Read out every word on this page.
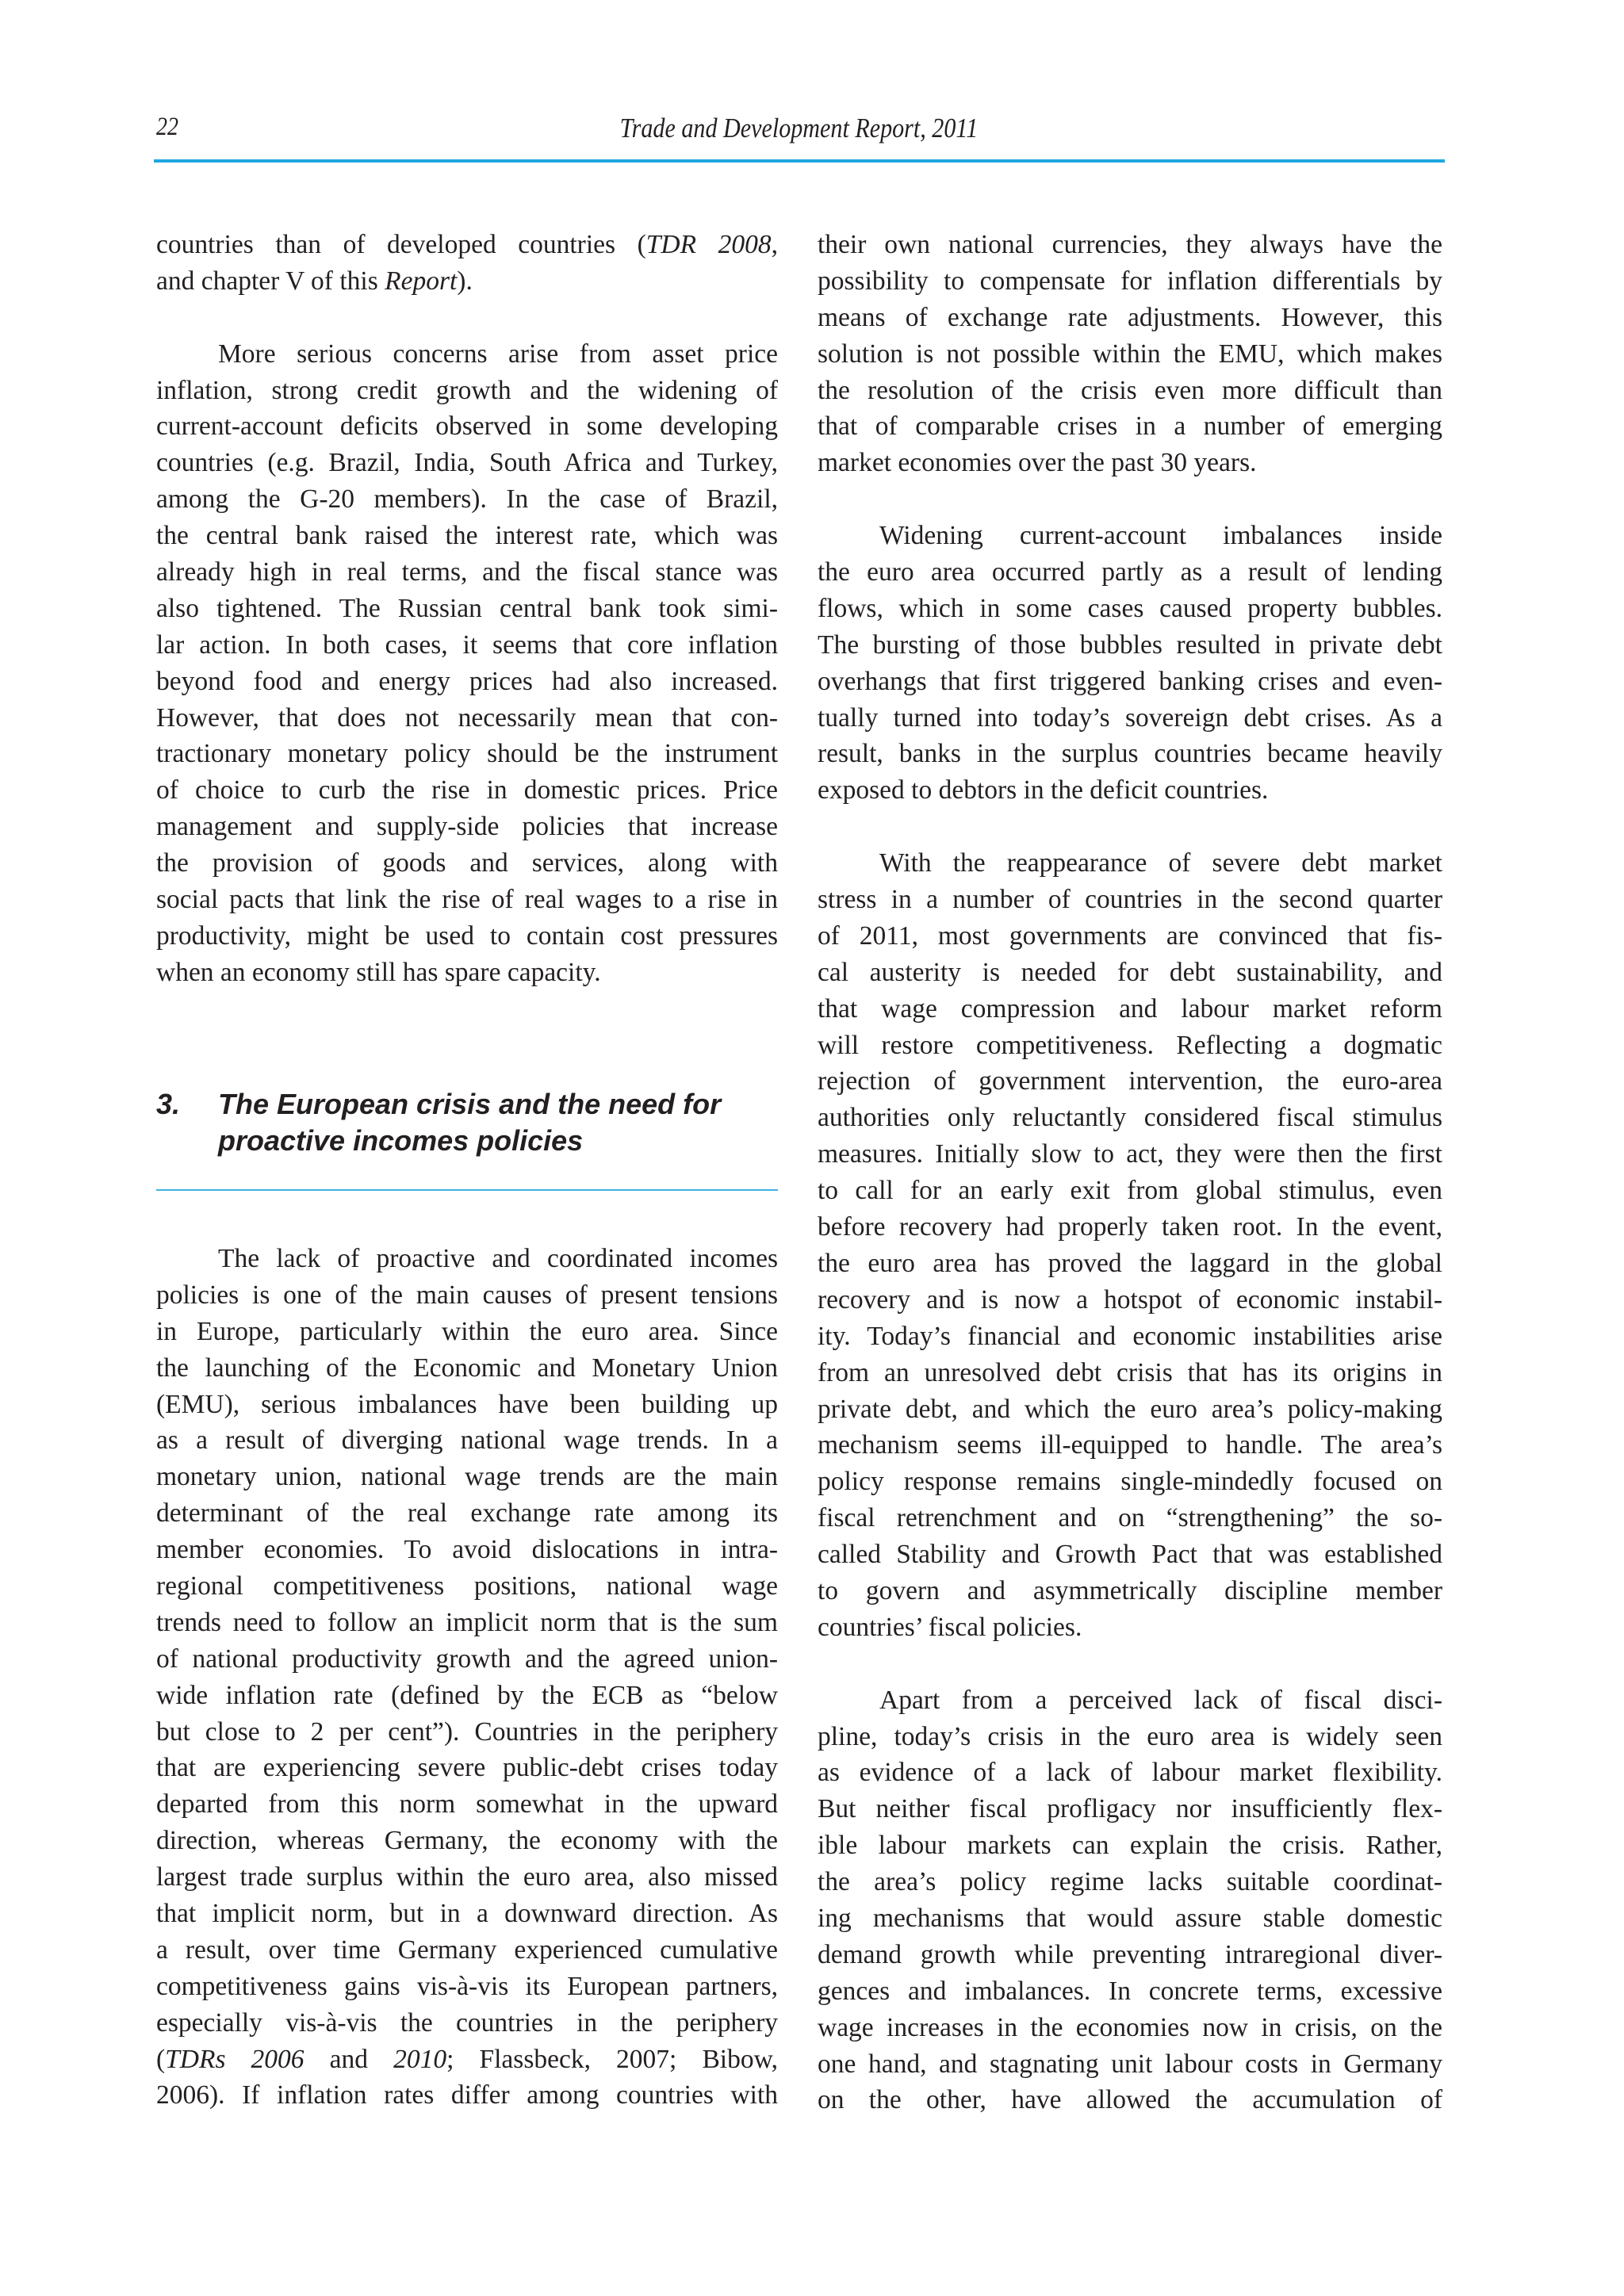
22	Trade and Development Report, 2011
countries than of developed countries (TDR 2008,
and chapter V of this Report).
More serious concerns arise from asset price
inflation, strong credit growth and the widening of
current-account deficits observed in some developing
countries (e.g. Brazil, India, South Africa and Turkey,
among the G-20 members). In the case of Brazil,
the central bank raised the interest rate, which was
already high in real terms, and the fiscal stance was
also tightened. The Russian central bank took simi-
lar action. In both cases, it seems that core inflation
beyond food and energy prices had also increased.
However, that does not necessarily mean that con-
tractionary monetary policy should be the instrument
of choice to curb the rise in domestic prices. Price
management and supply-side policies that increase
the provision of goods and services, along with
social pacts that link the rise of real wages to a rise in
productivity, might be used to contain cost pressures
when an economy still has spare capacity.
3. The European crisis and the need for
proactive incomes policies
The lack of proactive and coordinated incomes
policies is one of the main causes of present tensions
in Europe, particularly within the euro area. Since
the launching of the Economic and Monetary Union
(EMU), serious imbalances have been building up
as a result of diverging national wage trends. In a
monetary union, national wage trends are the main
determinant of the real exchange rate among its
member economies. To avoid dislocations in intra-
regional competitiveness positions, national wage
trends need to follow an implicit norm that is the sum
of national productivity growth and the agreed union-
wide inflation rate (defined by the ECB as “below
but close to 2 per cent”). Countries in the periphery
that are experiencing severe public-debt crises today
departed from this norm somewhat in the upward
direction, whereas Germany, the economy with the
largest trade surplus within the euro area, also missed
that implicit norm, but in a downward direction. As
a result, over time Germany experienced cumulative
competitiveness gains vis-à-vis its European partners,
especially vis-à-vis the countries in the periphery
(TDRs 2006 and 2010; Flassbeck, 2007; Bibow,
2006). If inflation rates differ among countries with
their own national currencies, they always have the
possibility to compensate for inflation differentials by
means of exchange rate adjustments. However, this
solution is not possible within the EMU, which makes
the resolution of the crisis even more difficult than
that of comparable crises in a number of emerging
market economies over the past 30 years.
Widening current-account imbalances inside
the euro area occurred partly as a result of lending
flows, which in some cases caused property bubbles.
The bursting of those bubbles resulted in private debt
overhangs that first triggered banking crises and even-
tually turned into today’s sovereign debt crises. As a
result, banks in the surplus countries became heavily
exposed to debtors in the deficit countries.
With the reappearance of severe debt market
stress in a number of countries in the second quarter
of 2011, most governments are convinced that fis-
cal austerity is needed for debt sustainability, and
that wage compression and labour market reform
will restore competitiveness. Reflecting a dogmatic
rejection of government intervention, the euro-area
authorities only reluctantly considered fiscal stimulus
measures. Initially slow to act, they were then the first
to call for an early exit from global stimulus, even
before recovery had properly taken root. In the event,
the euro area has proved the laggard in the global
recovery and is now a hotspot of economic instabil-
ity. Today’s financial and economic instabilities arise
from an unresolved debt crisis that has its origins in
private debt, and which the euro area’s policy-making
mechanism seems ill-equipped to handle. The area’s
policy response remains single-mindedly focused on
fiscal retrenchment and on “strengthening” the so-
called Stability and Growth Pact that was established
to govern and asymmetrically discipline member
countries’ fiscal policies.
Apart from a perceived lack of fiscal disci-
pline, today’s crisis in the euro area is widely seen
as evidence of a lack of labour market flexibility.
But neither fiscal profligacy nor insufficiently flex-
ible labour markets can explain the crisis. Rather,
the area’s policy regime lacks suitable coordinat-
ing mechanisms that would assure stable domestic
demand growth while preventing intraregional diver-
gences and imbalances. In concrete terms, excessive
wage increases in the economies now in crisis, on the
one hand, and stagnating unit labour costs in Germany
on the other, have allowed the accumulation of
